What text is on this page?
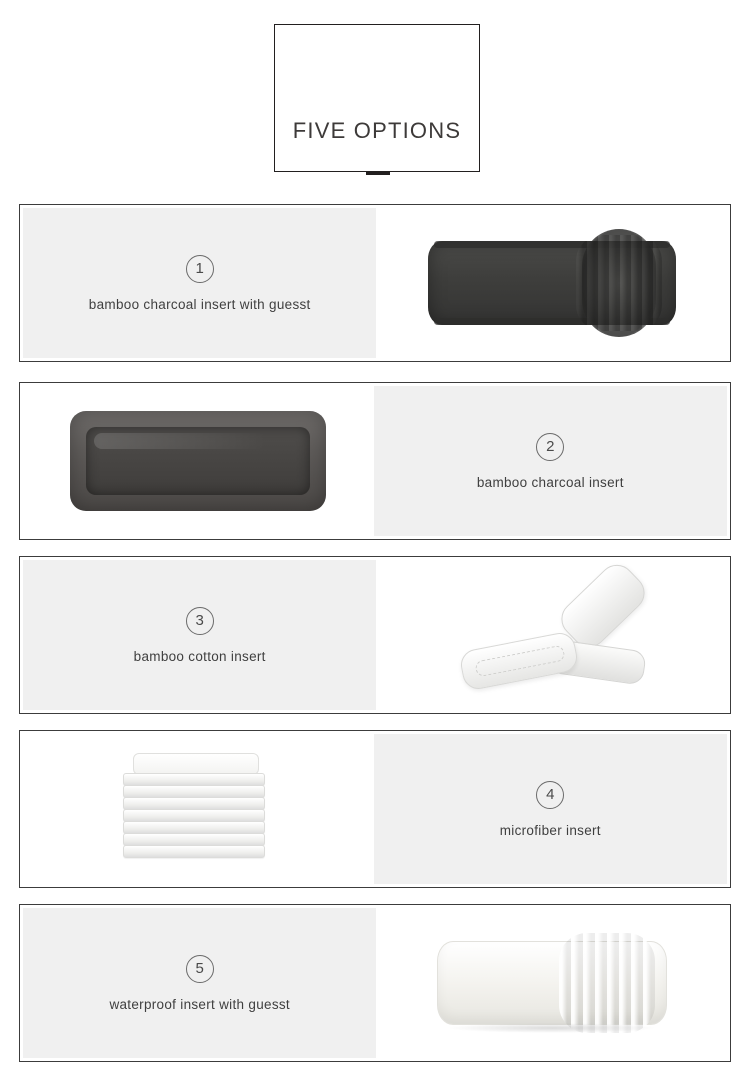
FIVE OPTIONS
1
bamboo charcoal insert with guesst
2
bamboo charcoal insert
3
bamboo cotton insert
4
microfiber insert
5
waterproof insert with guesst
